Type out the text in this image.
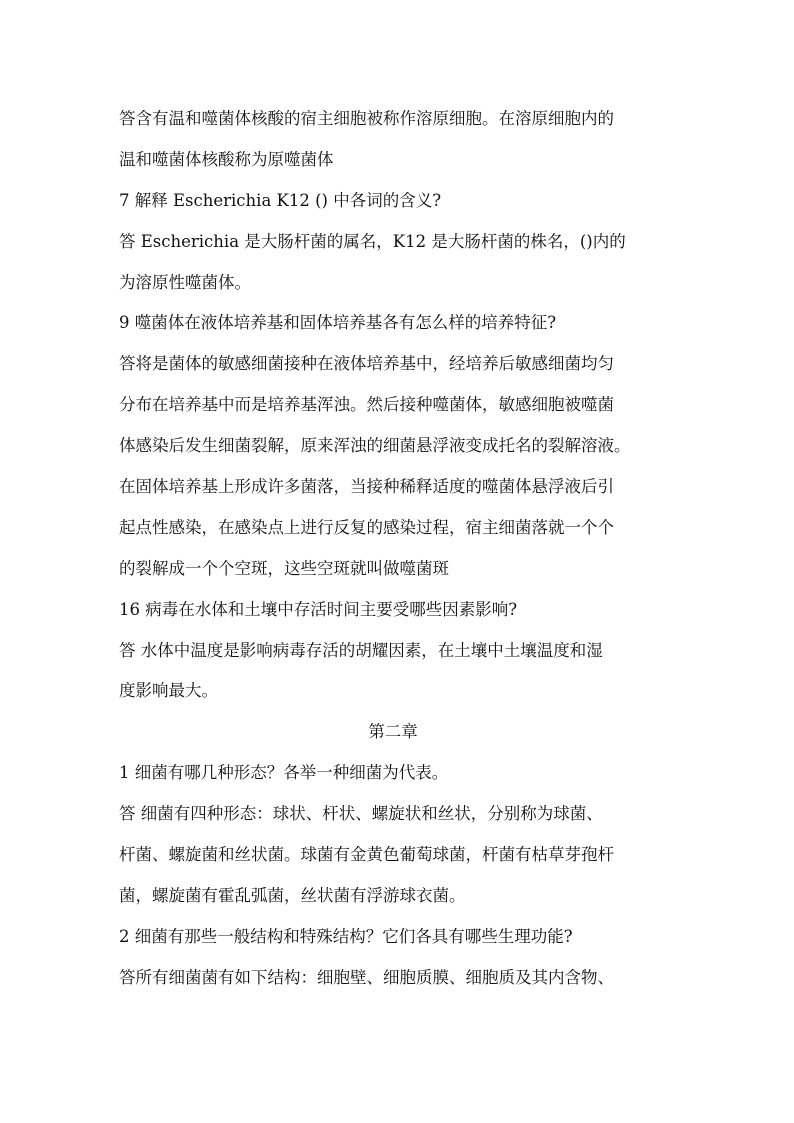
答含有温和噬菌体核酸的宿主细胞被称作溶原细胞。在溶原细胞内的
温和噬菌体核酸称为原噬菌体
7 解释 Escherichia K12 () 中各词的含义?
答 Escherichia 是大肠杆菌的属名，K12 是大肠杆菌的株名，()内的
为溶原性噬菌体。
9 噬菌体在液体培养基和固体培养基各有怎么样的培养特征?
答将是菌体的敏感细菌接种在液体培养基中，经培养后敏感细菌均匀
分布在培养基中而是培养基浑浊。然后接种噬菌体，敏感细胞被噬菌
体感染后发生细菌裂解，原来浑浊的细菌悬浮液变成托名的裂解溶液。
在固体培养基上形成许多菌落，当接种稀释适度的噬菌体悬浮液后引
起点性感染，在感染点上进行反复的感染过程，宿主细菌落就一个个
的裂解成一个个空斑，这些空斑就叫做噬菌斑
16 病毒在水体和土壤中存活时间主要受哪些因素影响?
答 水体中温度是影响病毒存活的胡耀因素，在土壤中土壤温度和湿
度影响最大。
第二章
1 细菌有哪几种形态？各举一种细菌为代表。
答 细菌有四种形态：球状、杆状、螺旋状和丝状，分别称为球菌、
杆菌、螺旋菌和丝状菌。球菌有金黄色葡萄球菌，杆菌有枯草芽孢杆
菌，螺旋菌有霍乱弧菌，丝状菌有浮游球衣菌。
2 细菌有那些一般结构和特殊结构？它们各具有哪些生理功能?
答所有细菌菌有如下结构：细胞壁、细胞质膜、细胞质及其内含物、
